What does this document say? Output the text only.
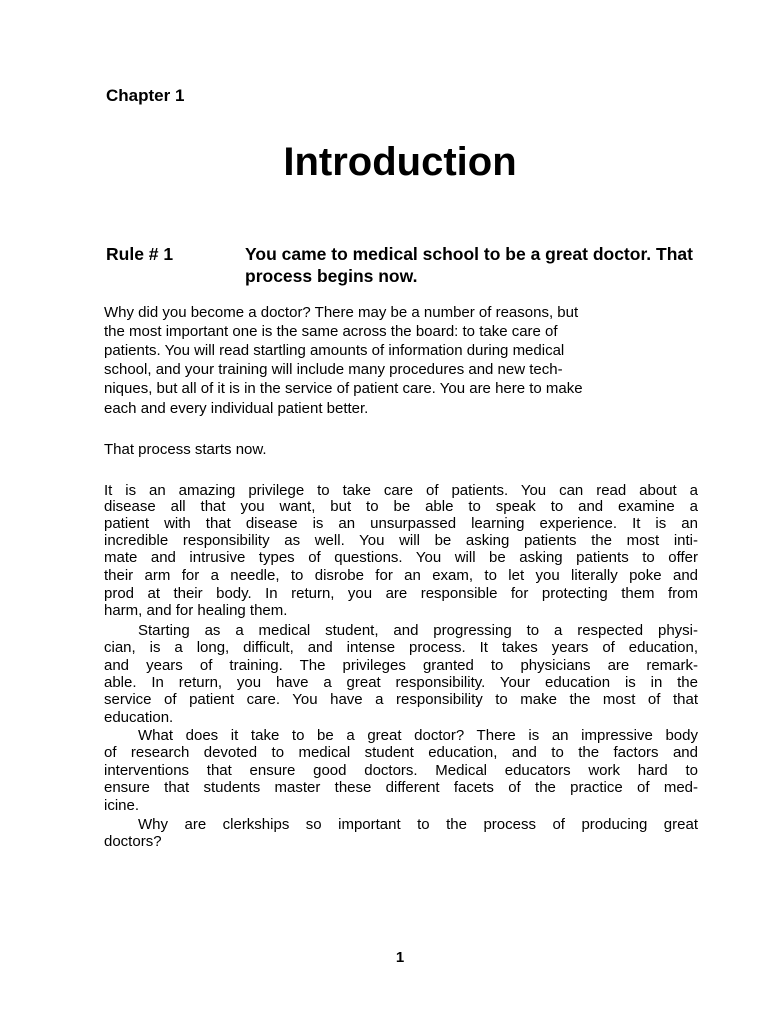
Chapter 1
Introduction
Rule # 1	You came to medical school to be a great doctor. That process begins now.
Why did you become a doctor? There may be a number of reasons, but
the most important one is the same across the board: to take care of
patients. You will read startling amounts of information during medical
school, and your training will include many procedures and new tech-
niques, but all of it is in the service of patient care. You are here to make
each and every individual patient better.
That process starts now.
It is an amazing privilege to take care of patients. You can read about a
disease all that you want, but to be able to speak to and examine a
patient with that disease is an unsurpassed learning experience. It is an
incredible responsibility as well. You will be asking patients the most inti-
mate and intrusive types of questions. You will be asking patients to offer
their arm for a needle, to disrobe for an exam, to let you literally poke and
prod at their body. In return, you are responsible for protecting them from
harm, and for healing them.
Starting as a medical student, and progressing to a respected physi-
cian, is a long, difficult, and intense process. It takes years of education,
and years of training. The privileges granted to physicians are remark-
able. In return, you have a great responsibility. Your education is in the
service of patient care. You have a responsibility to make the most of that
education.
What does it take to be a great doctor? There is an impressive body
of research devoted to medical student education, and to the factors and
interventions that ensure good doctors. Medical educators work hard to
ensure that students master these different facets of the practice of med-
icine.
Why are clerkships so important to the process of producing great
doctors?
1
